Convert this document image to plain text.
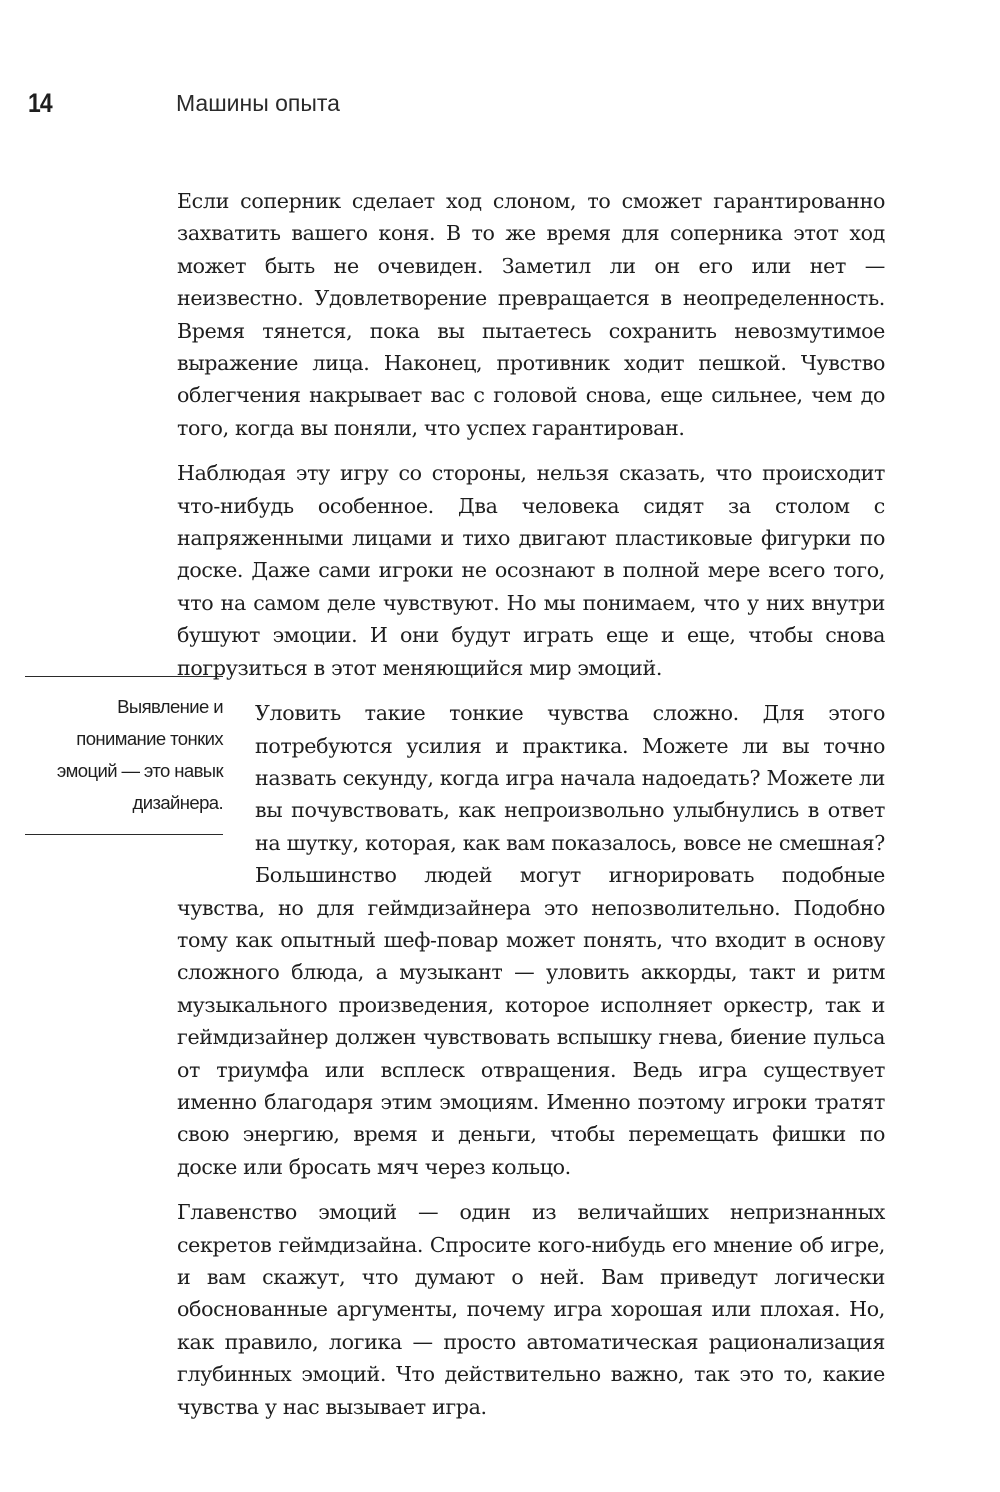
14	Машины опыта
Выявление и понимание тонких эмоций — это навык дизайнера.

Если соперник сделает ход слоном, то сможет гарантированно захватить вашего коня. В то же время для соперника этот ход может быть не очевиден. Заметил ли он его или нет — неизвестно. Удовлетворение превращается в неопределенность. Время тянется, пока вы пытаетесь сохранить невозмутимое выражение лица. Наконец, противник ходит пешкой. Чувство облегчения накрывает вас с головой снова, еще сильнее, чем до того, когда вы поняли, что успех гарантирован.

Наблюдая эту игру со стороны, нельзя сказать, что происходит что-нибудь особенное. Два человека сидят за столом с напряженными лицами и тихо двигают пластиковые фигурки по доске. Даже сами игроки не осознают в полной мере всего того, что на самом деле чувствуют. Но мы понимаем, что у них внутри бушуют эмоции. И они будут играть еще и еще, чтобы снова погрузиться в этот меняющийся мир эмоций.

Уловить такие тонкие чувства сложно. Для этого потребуются усилия и практика. Можете ли вы точно назвать секунду, когда игра начала надоедать? Можете ли вы почувствовать, как непроизвольно улыбнулись в ответ на шутку, которая, как вам показалось, вовсе не смешная? Большинство людей могут игнорировать подобные чувства, но для геймдизайнера это непозволительно. Подобно тому как опытный шеф-повар может понять, что входит в основу сложного блюда, а музыкант — уловить аккорды, такт и ритм музыкального произведения, которое исполняет оркестр, так и геймдизайнер должен чувствовать вспышку гнева, биение пульса от триумфа или всплеск отвращения. Ведь игра существует именно благодаря этим эмоциям. Именно поэтому игроки тратят свою энергию, время и деньги, чтобы перемещать фишки по доске или бросать мяч через кольцо.

Главенство эмоций — один из величайших непризнанных секретов геймдизайна. Спросите кого-нибудь его мнение об игре, и вам скажут, что думают о ней. Вам приведут логически обоснованные аргументы, почему игра хорошая или плохая. Но, как правило, логика — просто автоматическая рационализация глубинных эмоций. Что действительно важно, так это то, какие чувства у нас вызывает игра.
